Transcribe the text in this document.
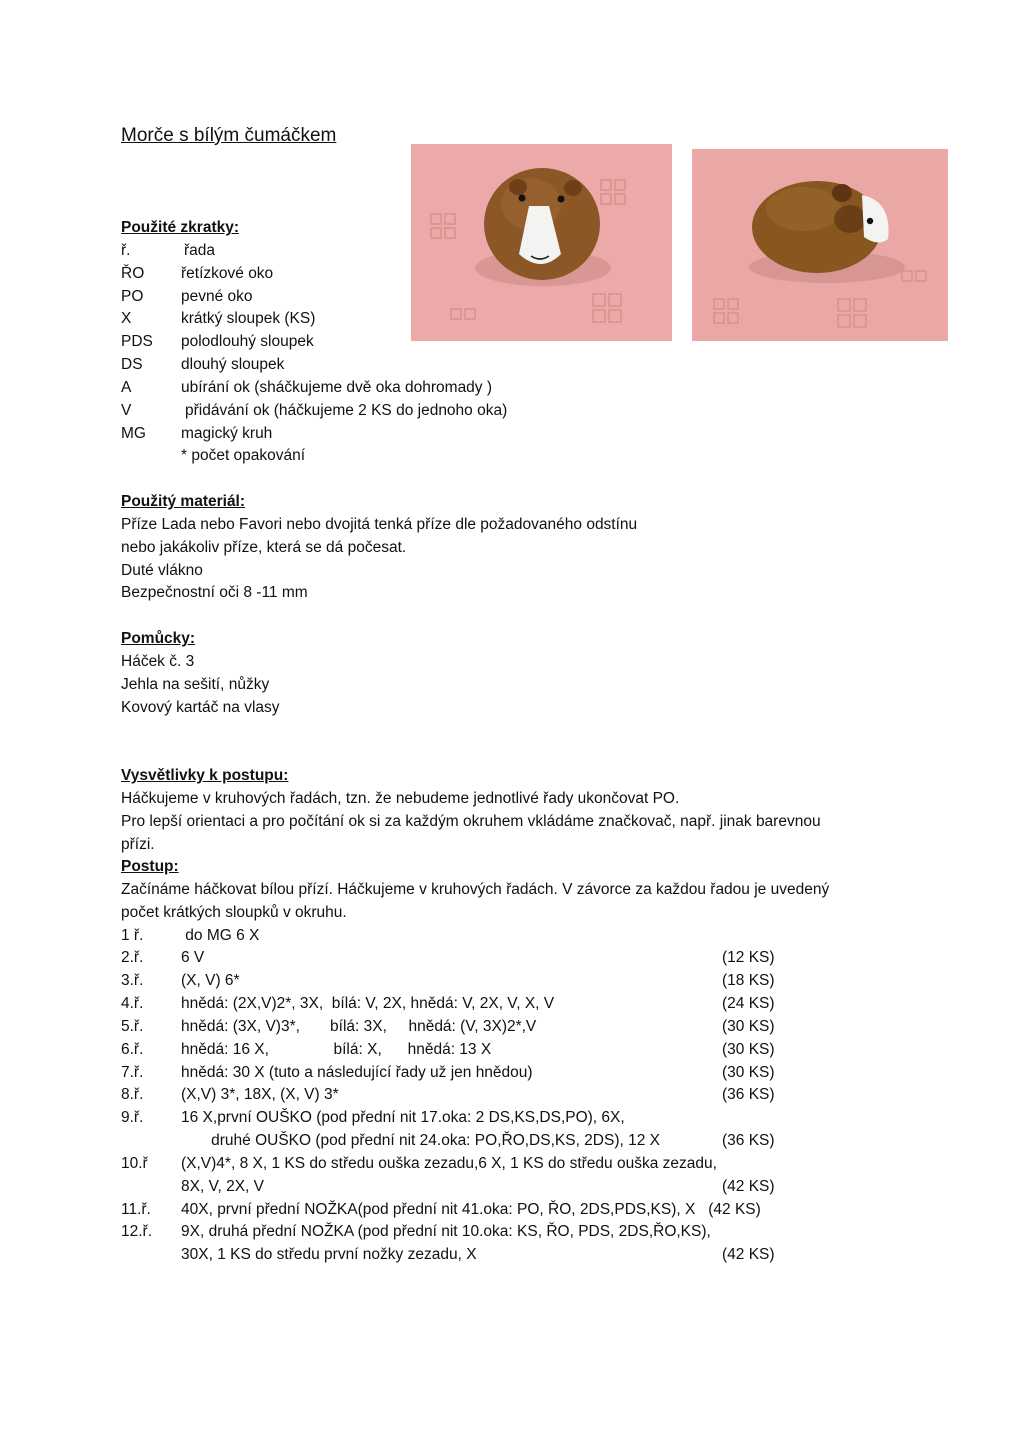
Morče s bílým čumáčkem
Použité zkratky:
ř.	řada
ŘO řetízkové oko
PO pevné oko
X	krátký sloupek (KS)
PDS polodlouhý sloupek
DS dlouhý sloupek
A	ubírání ok (sháčkujeme dvě oka dohromady )
V	přidávání ok (háčkujeme 2 KS do jednoho oka)
MG magický kruh
* počet opakování
Použitý materiál:
Příze Lada nebo Favori nebo dvojitá tenká příze dle požadovaného odstínu
nebo jakákoliv příze, která se dá počesat.
Duté vlákno
Bezpečnostní oči 8 -11 mm
Pomůcky:
Háček č. 3
Jehla na sešití, nůžky
Kovový kartáč na vlasy
Vysvětlivky k postupu:
Háčkujeme v kruhových řadách, tzn. že nebudeme jednotlivé řady ukončovat PO.
Pro lepší orientaci a pro počítání ok si za každým okruhem vkládáme značkovač, např. jinak barevnou
přízi.
Postup:
Začínáme háčkovat bílou přízí. Háčkujeme v kruhových řadách. V závorce za každou řadou je uvedený
počet krátkých sloupků v okruhu.
1 ř. do MG 6 X
2.ř. 6 V	(12 KS)
3.ř. (X, V) 6*	(18 KS)
4.ř. hnědá: (2X,V)2*, 3X,  bílá: V, 2X, hnědá: V, 2X, V, X, V	(24 KS)
5.ř. hnědá: (3X, V)3*,       bílá: 3X,     hnědá: (V, 3X)2*,V	(30 KS)
6.ř. hnědá: 16 X,               bílá: X,      hnědá: 13 X	(30 KS)
7.ř. hnědá: 30 X (tuto a následující řady už jen hnědou)	(30 KS)
8.ř. (X,V) 3*, 18X, (X, V) 3*	(36 KS)
9.ř. 16 X,první OUŠKO (pod přední nit 17.oka: 2 DS,KS,DS,PO), 6X,
druhé OUŠKO (pod přední nit 24.oka: PO,ŘO,DS,KS, 2DS), 12 X	(36 KS)
10.ř (X,V)4*, 8 X, 1 KS do středu ouška zezadu,6 X, 1 KS do středu ouška zezadu,
8X, V, 2X, V	(42 KS)
11.ř. 40X, první přední NOŽKA(pod přední nit 41.oka: PO, ŘO, 2DS,PDS,KS), X   (42 KS)
12.ř. 9X, druhá přední NOŽKA (pod přední nit 10.oka: KS, ŘO, PDS, 2DS,ŘO,KS),
30X, 1 KS do středu první nožky zezadu, X	(42 KS)
